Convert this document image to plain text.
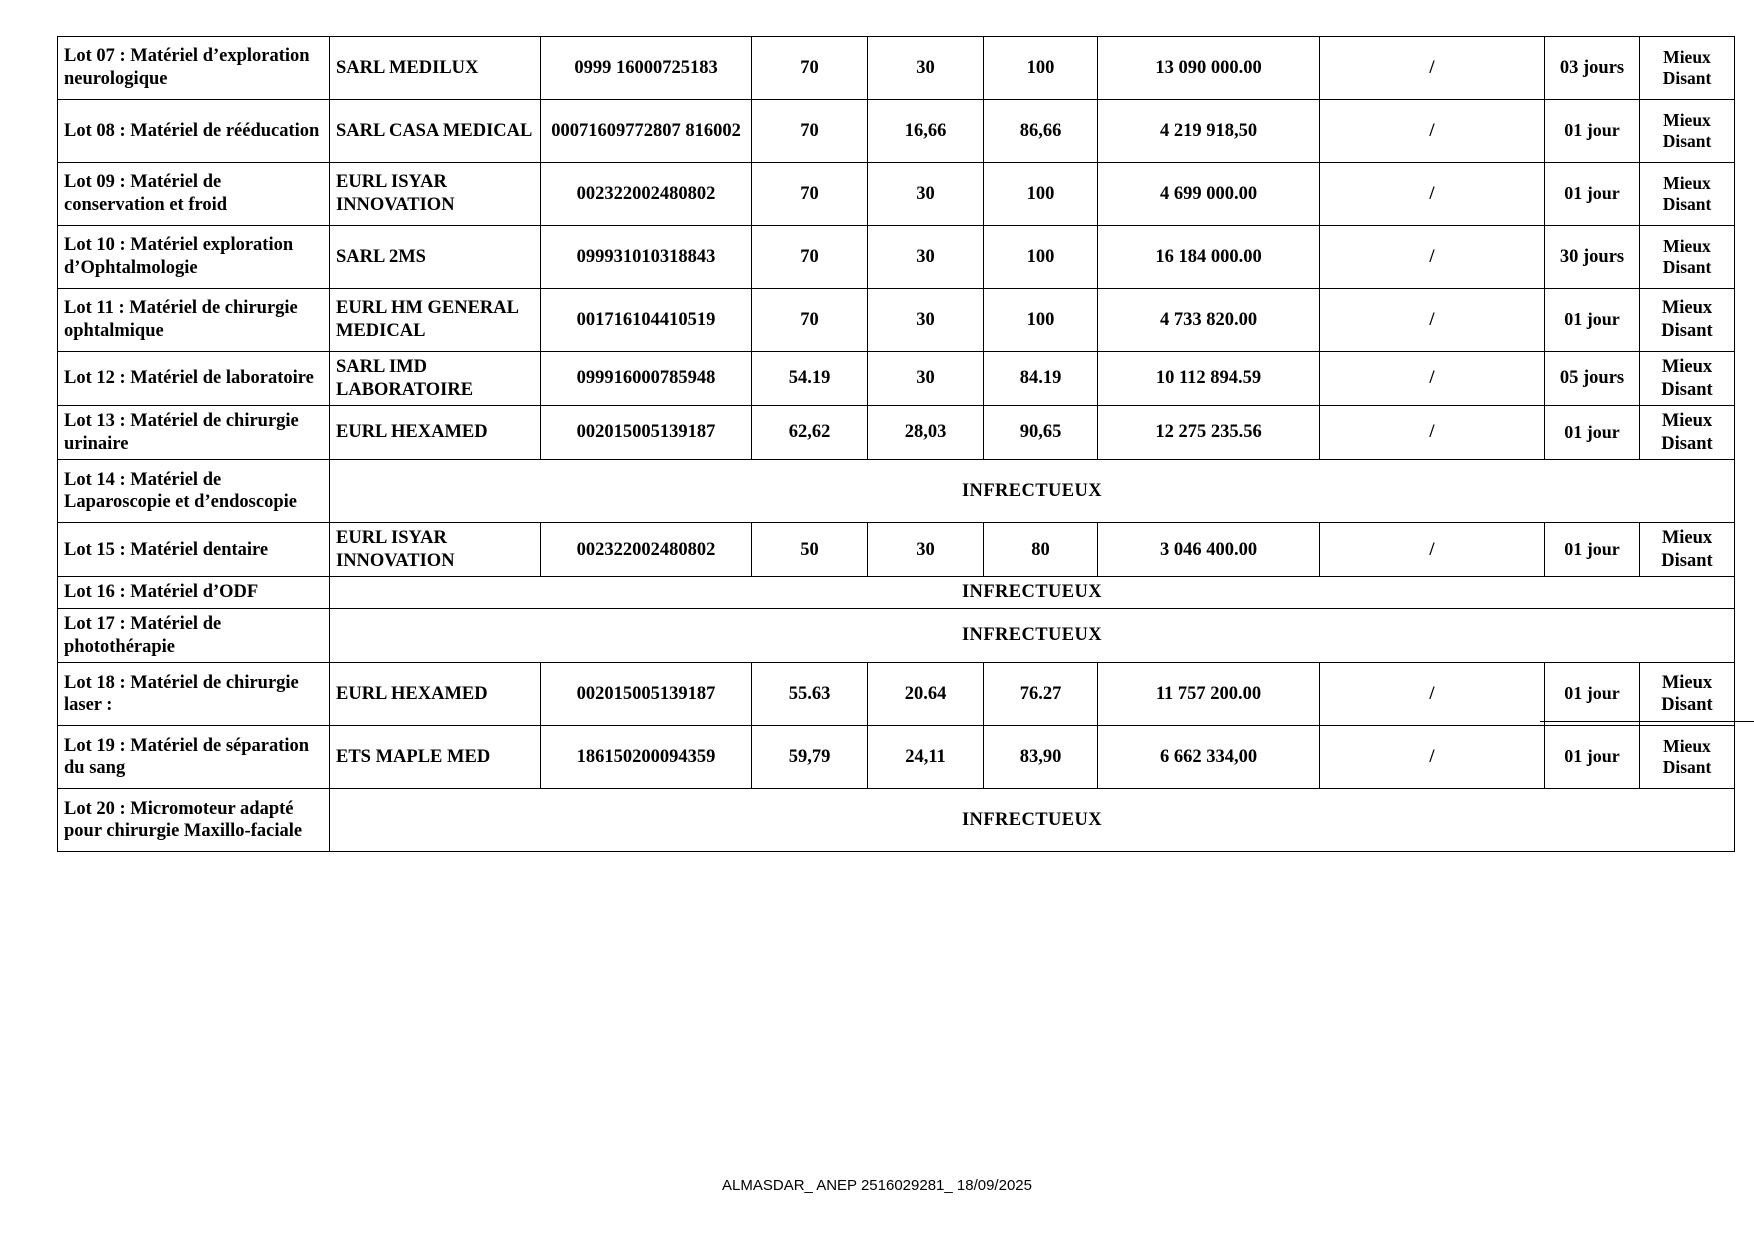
Lot 07 : Matériel d’exploration neurologique	SARL MEDILUX	0999 16000725183	70	30	100	13 090 000.00	/	03 jours	Mieux Disant
Lot 08 : Matériel de rééducation	SARL CASA MEDICAL	00071609772807 816002	70	16,66	86,66	4 219 918,50	/	01 jour	Mieux Disant
Lot 09 : Matériel de conservation et froid	EURL ISYAR INNOVATION	002322002480802	70	30	100	4 699 000.00	/	01 jour	Mieux Disant
Lot 10 : Matériel exploration d’Ophtalmologie	SARL 2MS	099931010318843	70	30	100	16 184 000.00	/	30 jours	Mieux Disant
Lot 11 : Matériel de chirurgie ophtalmique	EURL HM GENERAL MEDICAL	001716104410519	70	30	100	4 733 820.00	/	01 jour	Mieux Disant
Lot 12 : Matériel de laboratoire	SARL IMD LABORATOIRE	099916000785948	54.19	30	84.19	10 112 894.59	/	05 jours	Mieux Disant
Lot 13 : Matériel de chirurgie urinaire	EURL HEXAMED	002015005139187	62,62	28,03	90,65	12 275 235.56	/	01 jour	Mieux Disant
Lot 14 : Matériel de Laparoscopie et d’endoscopie	INFRECTUEUX								
Lot 15 : Matériel dentaire	EURL ISYAR INNOVATION	002322002480802	50	30	80	3 046 400.00	/	01 jour	Mieux Disant
Lot 16 : Matériel d’ODF	INFRECTUEUX								
Lot 17 : Matériel de photothérapie	INFRECTUEUX								
Lot 18 : Matériel de chirurgie laser :	EURL HEXAMED	002015005139187	55.63	20.64	76.27	11 757 200.00	/	01 jour	Mieux Disant
Lot 19 : Matériel de séparation du sang	ETS MAPLE MED	186150200094359	59,79	24,11	83,90	6 662 334,00	/	01 jour	Mieux Disant
Lot 20 : Micromoteur adapté pour chirurgie Maxillo-faciale	INFRECTUEUX								
ALMASDAR_ ANEP 2516029281_ 18/09/2025
